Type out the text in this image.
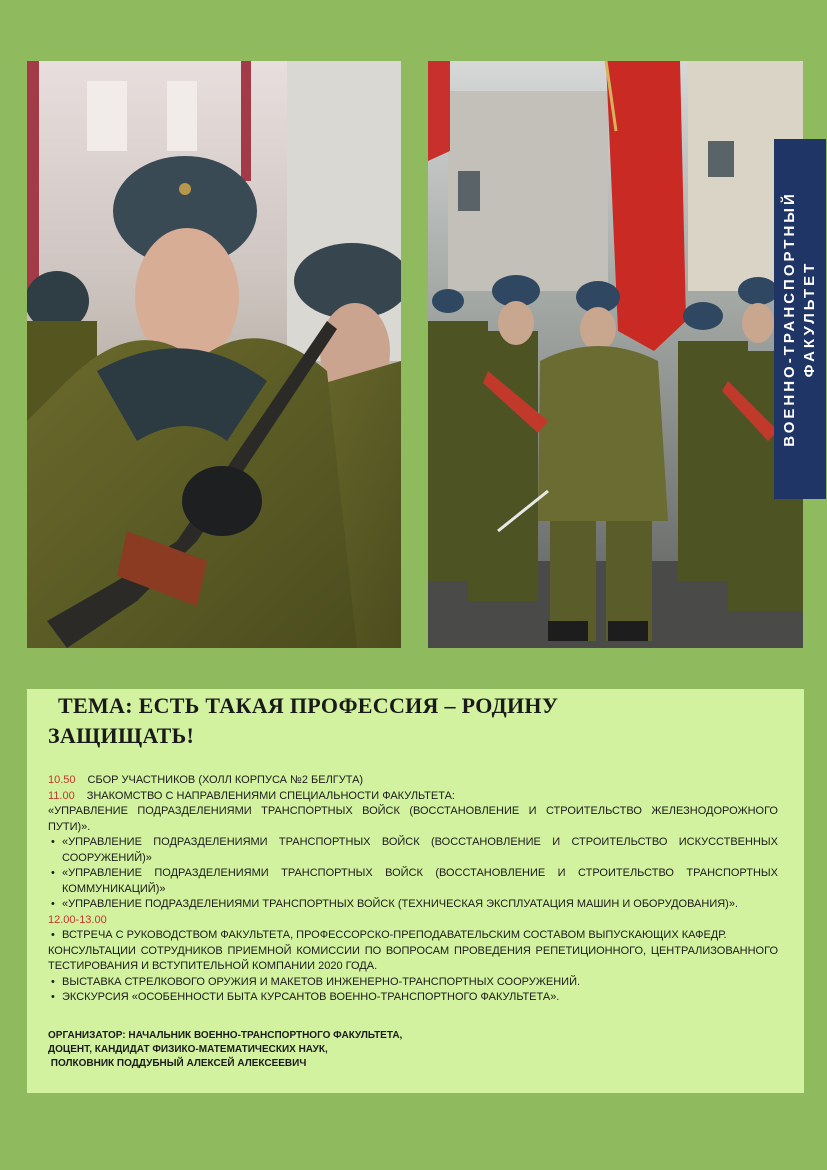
ВОЕННО-ТРАНСПОРТНЫЙ ФАКУЛЬТЕТ
ТЕМА: ЕСТЬ ТАКАЯ ПРОФЕССИЯ – РОДИНУ
ЗАЩИЩАТЬ!
10.50 СБОР УЧАСТНИКОВ (ХОЛЛ КОРПУСА №2 БЕЛГУТА)
11.00 ЗНАКОМСТВО С НАПРАВЛЕНИЯМИ СПЕЦИАЛЬНОСТИ ФАКУЛЬТЕТА:
«УПРАВЛЕНИЕ ПОДРАЗДЕЛЕНИЯМИ ТРАНСПОРТНЫХ ВОЙСК (ВОССТАНОВЛЕНИЕ И СТРОИТЕЛЬСТВО ЖЕЛЕЗНОДОРОЖНОГО ПУТИ)».
• «УПРАВЛЕНИЕ ПОДРАЗДЕЛЕНИЯМИ ТРАНСПОРТНЫХ ВОЙСК (ВОССТАНОВЛЕНИЕ И СТРОИТЕЛЬСТВО ИСКУССТВЕННЫХ СООРУЖЕНИЙ)»
• «УПРАВЛЕНИЕ ПОДРАЗДЕЛЕНИЯМИ ТРАНСПОРТНЫХ ВОЙСК (ВОССТАНОВЛЕНИЕ И СТРОИТЕЛЬСТВО ТРАНСПОРТНЫХ КОММУНИКАЦИЙ)»
• «УПРАВЛЕНИЕ ПОДРАЗДЕЛЕНИЯМИ ТРАНСПОРТНЫХ ВОЙСК (ТЕХНИЧЕСКАЯ ЭКСПЛУАТАЦИЯ МАШИН И ОБОРУДОВАНИЯ)».
12.00-13.00
• ВСТРЕЧА С РУКОВОДСТВОМ ФАКУЛЬТЕТА, ПРОФЕССОРСКО-ПРЕПОДАВАТЕЛЬСКИМ СОСТАВОМ ВЫПУСКАЮЩИХ КАФЕДР.
КОНСУЛЬТАЦИИ СОТРУДНИКОВ ПРИЕМНОЙ КОМИССИИ ПО ВОПРОСАМ ПРОВЕДЕНИЯ РЕПЕТИЦИОННОГО, ЦЕНТРАЛИЗОВАННОГО ТЕСТИРОВАНИЯ И ВСТУПИТЕЛЬНОЙ КОМПАНИИ 2020 ГОДА.
• ВЫСТАВКА СТРЕЛКОВОГО ОРУЖИЯ И МАКЕТОВ ИНЖЕНЕРНО-ТРАНСПОРТНЫХ СООРУЖЕНИЙ.
• ЭКСКУРСИЯ «ОСОБЕННОСТИ БЫТА КУРСАНТОВ ВОЕННО-ТРАНСПОРТНОГО ФАКУЛЬТЕТА».
ОРГАНИЗАТОР: НАЧАЛЬНИК ВОЕННО-ТРАНСПОРТНОГО ФАКУЛЬТЕТА,
ДОЦЕНТ, КАНДИДАТ ФИЗИКО-МАТЕМАТИЧЕСКИХ НАУК,
ПОЛКОВНИК ПОДДУБНЫЙ АЛЕКСЕЙ АЛЕКСЕЕВИЧ
